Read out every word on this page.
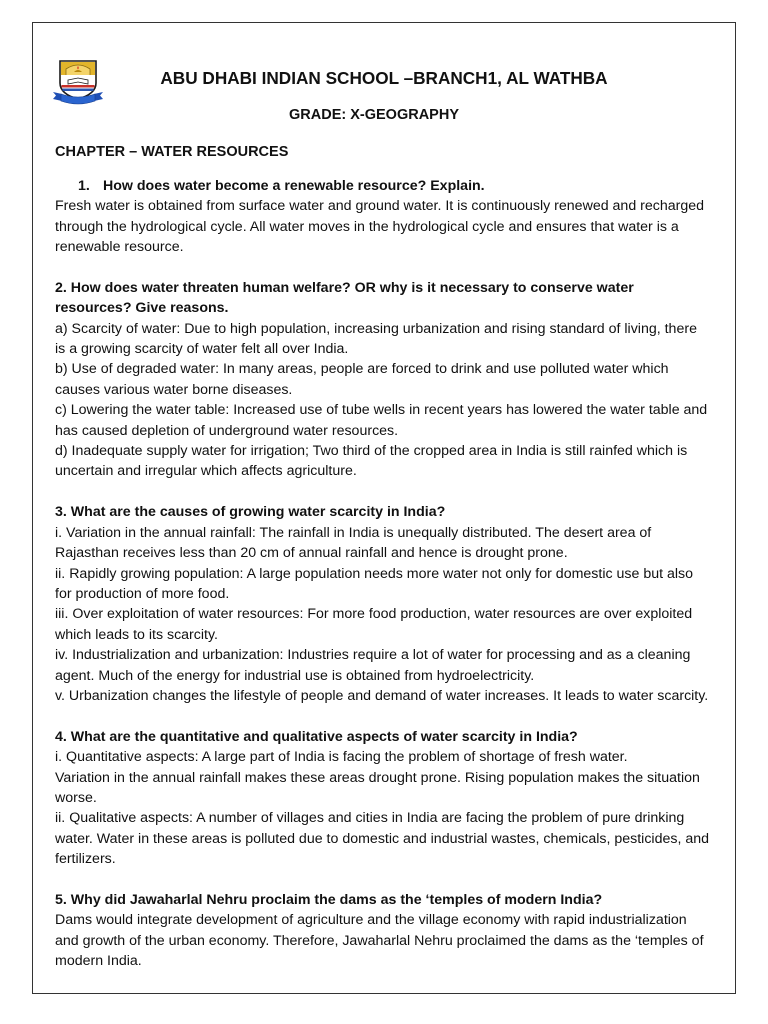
ABU DHABI INDIAN SCHOOL –BRANCH1, AL WATHBA
GRADE: X-GEOGRAPHY
CHAPTER – WATER RESOURCES
1. How does water become a renewable resource? Explain.
Fresh water is obtained from surface water and ground water. It is continuously renewed and recharged
through the hydrological cycle. All water moves in the hydrological cycle and ensures that water is a
renewable resource.
2. How does water threaten human welfare? OR why is it necessary to conserve water
resources? Give reasons.
a) Scarcity of water: Due to high population, increasing urbanization and rising standard of living, there
is a growing scarcity of water felt all over India.
b) Use of degraded water: In many areas, people are forced to drink and use polluted water which
causes various water borne diseases.
c) Lowering the water table: Increased use of tube wells in recent years has lowered the water table and
has caused depletion of underground water resources.
d) Inadequate supply water for irrigation; Two third of the cropped area in India is still rainfed which is
uncertain and irregular which affects agriculture.
3. What are the causes of growing water scarcity in India?
i. Variation in the annual rainfall: The rainfall in India is unequally distributed. The desert area of
Rajasthan receives less than 20 cm of annual rainfall and hence is drought prone.
ii. Rapidly growing population: A large population needs more water not only for domestic use but also
for production of more food.
iii. Over exploitation of water resources: For more food production, water resources are over exploited
which leads to its scarcity.
iv. Industrialization and urbanization: Industries require a lot of water for processing and as a cleaning
agent. Much of the energy for industrial use is obtained from hydroelectricity.
v. Urbanization changes the lifestyle of people and demand of water increases. It leads to water scarcity.
4. What are the quantitative and qualitative aspects of water scarcity in India?
i. Quantitative aspects: A large part of India is facing the problem of shortage of fresh water.
Variation in the annual rainfall makes these areas drought prone. Rising population makes the situation
worse.
ii. Qualitative aspects: A number of villages and cities in India are facing the problem of pure drinking
water. Water in these areas is polluted due to domestic and industrial wastes, chemicals, pesticides, and
fertilizers.
5. Why did Jawaharlal Nehru proclaim the dams as the ‘temples of modern India?
Dams would integrate development of agriculture and the village economy with rapid industrialization
and growth of the urban economy. Therefore, Jawaharlal Nehru proclaimed the dams as the ‘temples of
modern India.
